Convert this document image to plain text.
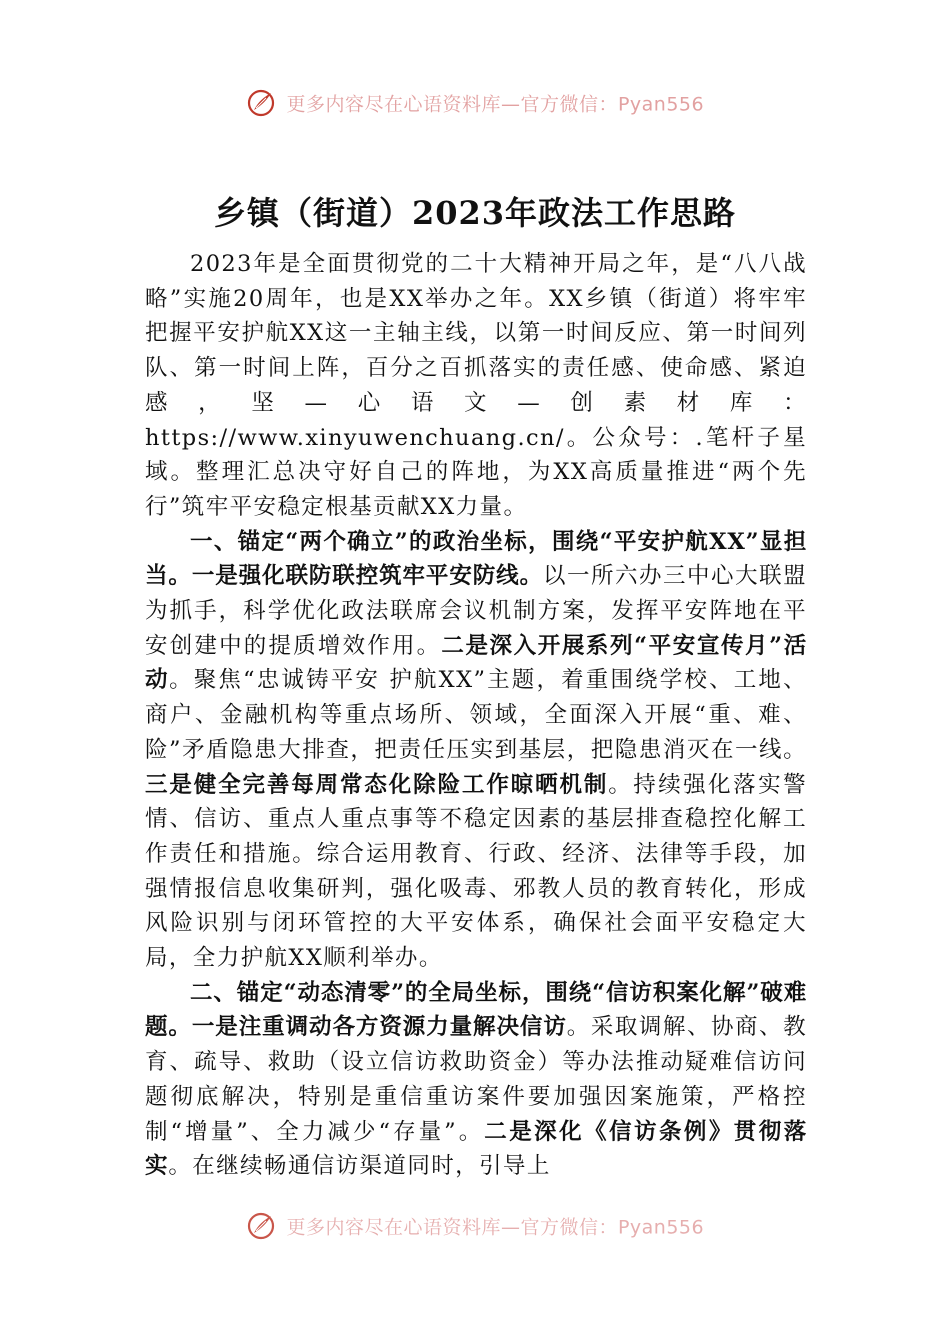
更多内容尽在心语资料库—官方微信：Pyan556
乡镇（街道）2023年政法工作思路

2023年是全面贯彻党的二十大精神开局之年，是“八八战略”实施20周年，也是XX举办之年。XX乡镇（街道）将牢牢把握平安护航XX这一主轴主线，以第一时间反应、第一时间列队、第一时间上阵，百分之百抓落实的责任感、使命感、紧迫感，坚—心语文—创素材库：https://www.xinyuwenchuang.cn/。公众号：.笔杆子星域。整理汇总决守好自己的阵地，为XX高质量推进“两个先行”筑牢平安稳定根基贡献XX力量。

一、锚定“两个确立”的政治坐标，围绕“平安护航XX”显担当。一是强化联防联控筑牢平安防线。以一所六办三中心大联盟为抓手，科学优化政法联席会议机制方案，发挥平安阵地在平安创建中的提质增效作用。二是深入开展系列“平安宣传月”活动。聚焦“忠诚铸平安 护航XX”主题，着重围绕学校、工地、商户、金融机构等重点场所、领域，全面深入开展“重、难、险”矛盾隐患大排查，把责任压实到基层，把隐患消灭在一线。三是健全完善每周常态化除险工作晾晒机制。持续强化落实警情、信访、重点人重点事等不稳定因素的基层排查稳控化解工作责任和措施。综合运用教育、行政、经济、法律等手段，加强情报信息收集研判，强化吸毒、邪教人员的教育转化，形成风险识别与闭环管控的大平安体系，确保社会面平安稳定大局，全力护航XX顺利举办。

二、锚定“动态清零”的全局坐标，围绕“信访积案化解”破难题。一是注重调动各方资源力量解决信访。采取调解、协商、教育、疏导、救助（设立信访救助资金）等办法推动疑难信访问题彻底解决，特别是重信重访案件要加强因案施策，严格控制“增量”、全力减少“存量”。二是深化《信访条例》贯彻落实。在继续畅通信访渠道同时，引导上

更多内容尽在心语资料库—官方微信：Pyan556
